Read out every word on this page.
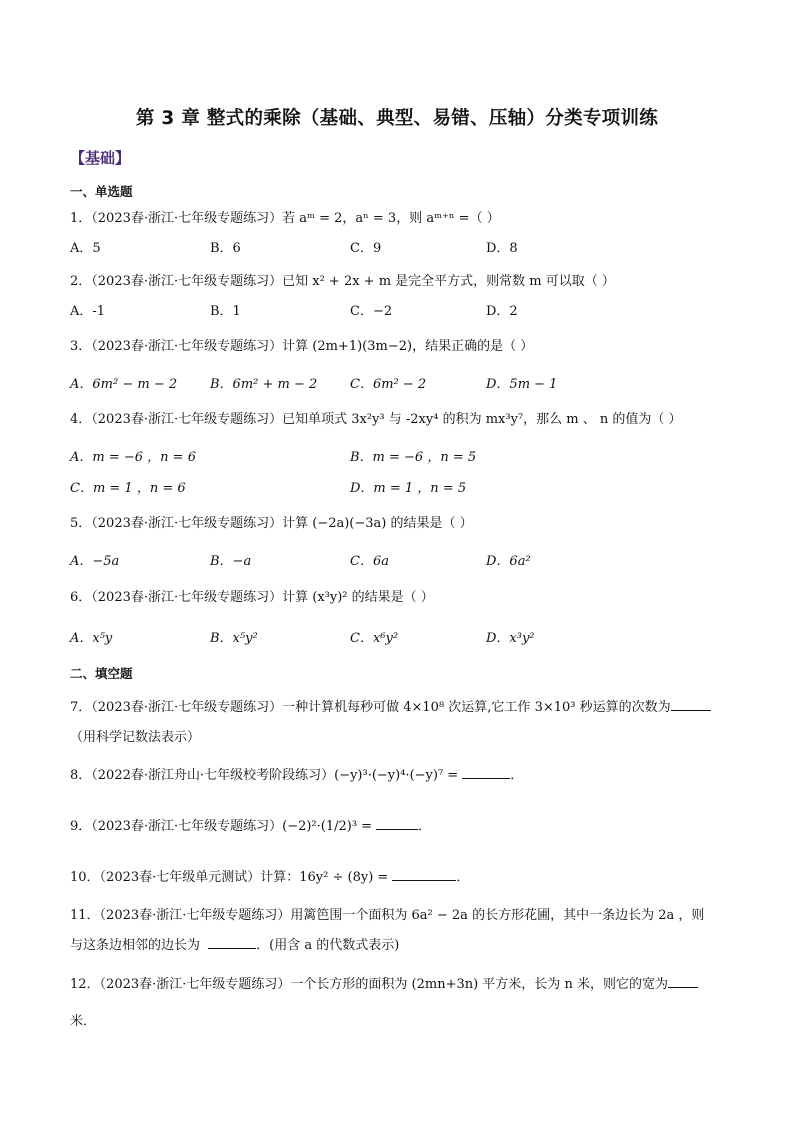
第 3 章 整式的乘除（基础、典型、易错、压轴）分类专项训练
【基础】
一、单选题
1．（2023春·浙江·七年级专题练习）若 aᵐ = 2，aⁿ = 3，则 aᵐ⁺ⁿ =（ ）
A．5	B．6	C．9	D．8
2．（2023春·浙江·七年级专题练习）已知 x² + 2x + m 是完全平方式，则常数 m 可以取（ ）
A．-1	B．1	C．−2	D．2
3．（2023春·浙江·七年级专题练习）计算 (2m+1)(3m−2)，结果正确的是（ ）
A．6m² − m − 2	B．6m² + m − 2	C．6m² − 2	D．5m − 1
4．（2023春·浙江·七年级专题练习）已知单项式 3x²y³ 与 -2xy⁴ 的积为 mx³y⁷，那么 m 、 n 的值为（ ）
A．m = −6 ，n = 6	B．m = −6 ，n = 5
C．m = 1 ，n = 6	D．m = 1 ，n = 5
5．（2023春·浙江·七年级专题练习）计算 (−2a)(−3a) 的结果是（ ）
A．−5a	B．−a	C．6a	D．6a²
6．（2023春·浙江·七年级专题练习）计算 (x³y)² 的结果是（ ）
A．x⁵y	B．x⁵y²	C．x⁶y²	D．x³y²
二、填空题
7．（2023春·浙江·七年级专题练习）一种计算机每秒可做 4×10⁸ 次运算,它工作 3×10³ 秒运算的次数为
（用科学记数法表示）
8．（2022春·浙江舟山·七年级校考阶段练习）(−y)³·(−y)⁴·(−y)⁷ =	．
9．（2023春·浙江·七年级专题练习）(−2)²·(1/2)³ =	．
10．（2023春·七年级单元测试）计算：16y² ÷ (8y) =	．
11．（2023春·浙江·七年级专题练习）用篱笆围一个面积为 6a² − 2a 的长方形花圃，其中一条边长为 2a ，则
与这条边相邻的边长为	．(用含 a 的代数式表示)
12．（2023春·浙江·七年级专题练习）一个长方形的面积为 (2mn+3n) 平方米，长为 n 米，则它的宽为
米．
